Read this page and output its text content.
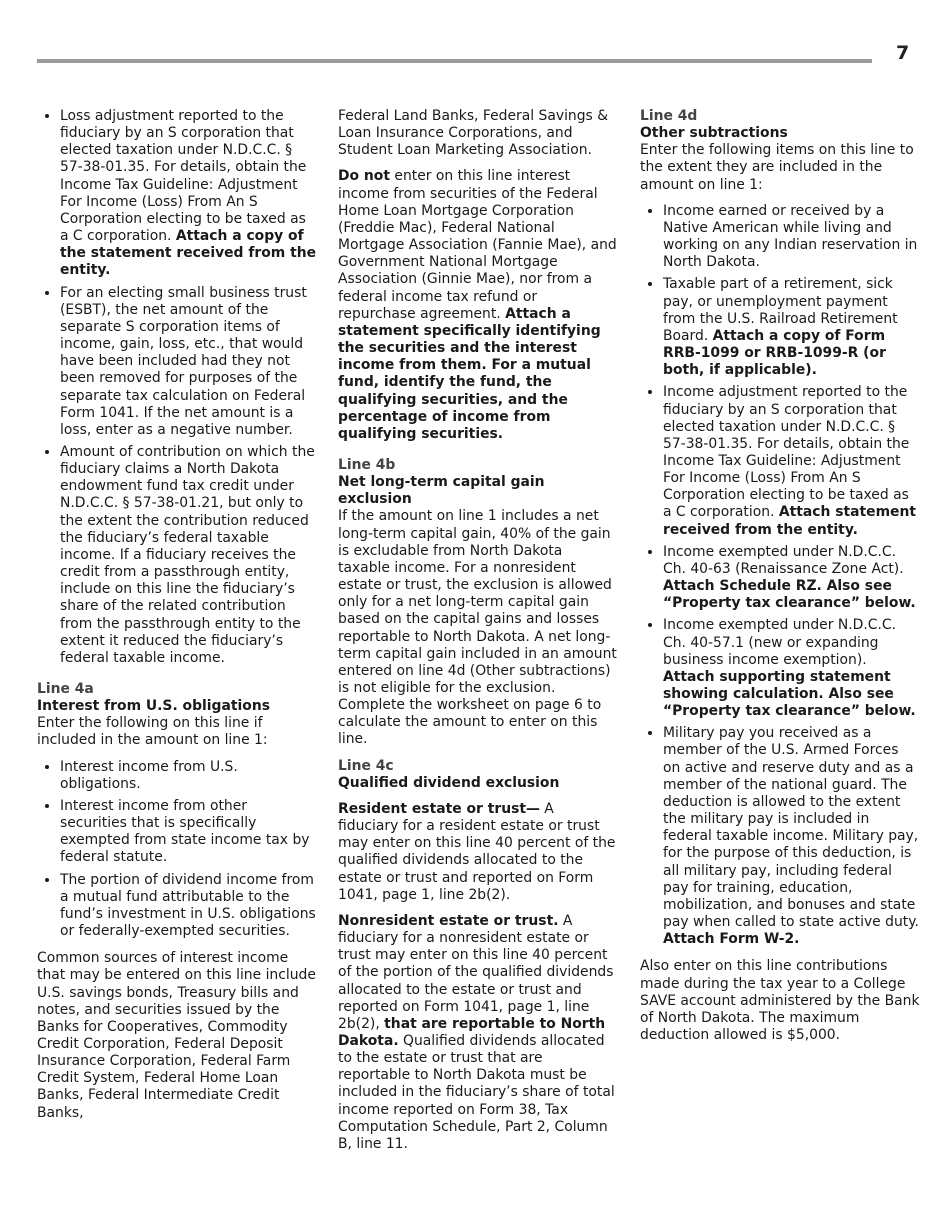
7
• Loss adjustment reported to the fiduciary by an S corporation that elected taxation under N.D.C.C. § 57-38-01.35. For details, obtain the Income Tax Guideline: Adjustment For Income (Loss) From An S Corporation electing to be taxed as a C corporation. Attach a copy of the statement received from the entity.
• For an electing small business trust (ESBT), the net amount of the separate S corporation items of income, gain, loss, etc., that would have been included had they not been removed for purposes of the separate tax calculation on Federal Form 1041. If the net amount is a loss, enter as a negative number.
• Amount of contribution on which the fiduciary claims a North Dakota endowment fund tax credit under N.D.C.C. § 57-38-01.21, but only to the extent the contribution reduced the fiduciary’s federal taxable income. If a fiduciary receives the credit from a passthrough entity, include on this line the fiduciary’s share of the related contribution from the passthrough entity to the extent it reduced the fiduciary’s federal taxable income.
Line 4a
Interest from U.S. obligations

Enter the following on this line if included in the amount on line 1:

• Interest income from U.S. obligations.
• Interest income from other securities that is specifically exempted from state income tax by federal statute.
• The portion of dividend income from a mutual fund attributable to the fund’s investment in U.S. obligations or federally-exempted securities.

Common sources of interest income that may be entered on this line include U.S. savings bonds, Treasury bills and notes, and securities issued by the Banks for Cooperatives, Commodity Credit Corporation, Federal Deposit Insurance Corporation, Federal Farm Credit System, Federal Home Loan Banks, Federal Intermediate Credit Banks,

Federal Land Banks, Federal Savings & Loan Insurance Corporations, and Student Loan Marketing Association.

Do not enter on this line interest income from securities of the Federal Home Loan Mortgage Corporation (Freddie Mac), Federal National Mortgage Association (Fannie Mae), and Government National Mortgage Association (Ginnie Mae), nor from a federal income tax refund or repurchase agreement. Attach a statement specifically identifying the securities and the interest income from them. For a mutual fund, identify the fund, the qualifying securities, and the percentage of income from qualifying securities.

Line 4b
Net long-term capital gain exclusion

If the amount on line 1 includes a net long-term capital gain, 40% of the gain is excludable from North Dakota taxable income. For a nonresident estate or trust, the exclusion is allowed only for a net long-term capital gain based on the capital gains and losses reportable to North Dakota. A net long-term capital gain included in an amount entered on line 4d (Other subtractions) is not eligible for the exclusion. Complete the worksheet on page 6 to calculate the amount to enter on this line.

Line 4c
Qualified dividend exclusion

Resident estate or trust— A fiduciary for a resident estate or trust may enter on this line 40 percent of the qualified dividends allocated to the estate or trust and reported on Form 1041, page 1, line 2b(2).

Nonresident estate or trust. A fiduciary for a nonresident estate or trust may enter on this line 40 percent of the portion of the qualified dividends allocated to the estate or trust and reported on Form 1041, page 1, line 2b(2), that are reportable to North Dakota. Qualified dividends allocated to the estate or trust that are reportable to North Dakota must be included in the fiduciary’s share of total income reported on Form 38, Tax Computation Schedule, Part 2, Column B, line 11.

Line 4d
Other subtractions

Enter the following items on this line to the extent they are included in the amount on line 1:

• Income earned or received by a Native American while living and working on any Indian reservation in North Dakota.
• Taxable part of a retirement, sick pay, or unemployment payment from the U.S. Railroad Retirement Board. Attach a copy of Form RRB-1099 or RRB-1099-R (or both, if applicable).
• Income adjustment reported to the fiduciary by an S corporation that elected taxation under N.D.C.C. § 57-38-01.35. For details, obtain the Income Tax Guideline: Adjustment For Income (Loss) From An S Corporation electing to be taxed as a C corporation. Attach statement received from the entity.
• Income exempted under N.D.C.C. Ch. 40-63 (Renaissance Zone Act). Attach Schedule RZ. Also see “Property tax clearance” below.
• Income exempted under N.D.C.C. Ch. 40-57.1 (new or expanding business income exemption). Attach supporting statement showing calculation. Also see “Property tax clearance” below.
• Military pay you received as a member of the U.S. Armed Forces on active and reserve duty and as a member of the national guard. The deduction is allowed to the extent the military pay is included in federal taxable income. Military pay, for the purpose of this deduction, is all military pay, including federal pay for training, education, mobilization, and bonuses and state pay when called to state active duty. Attach Form W-2.

Also enter on this line contributions made during the tax year to a College SAVE account administered by the Bank of North Dakota. The maximum deduction allowed is $5,000.
